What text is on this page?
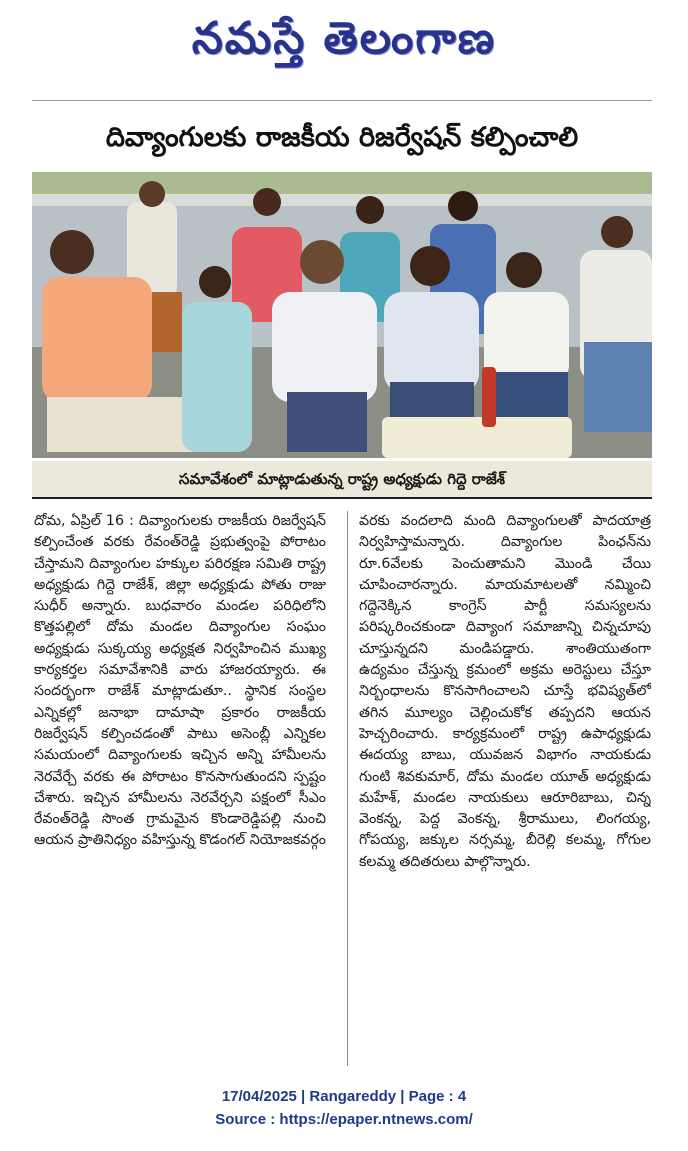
నమస్తే తెలంగాణ
దివ్యాంగులకు రాజకీయ రిజర్వేషన్ కల్పించాలి
సమావేశంలో మాట్లాడుతున్న రాష్ట్ర అధ్యక్షుడు గిద్దె రాజేశ్
దోమ, ఏప్రిల్ 16 : దివ్యాంగులకు రాజకీయ రిజర్వేషన్ కల్పించేంత వరకు రేవంత్‌రెడ్డి ప్రభుత్వంపై పోరాటం చేస్తామని దివ్యాంగుల హక్కుల పరిరక్షణ సమితి రాష్ట్ర అధ్యక్షుడు గిద్దె రాజేశ్, జిల్లా అధ్యక్షుడు పోతు రాజు సుధీర్ అన్నారు. బుధవారం మండల పరిధిలోని కొత్తపల్లిలో దోమ మండల దివ్యాంగుల సంఘం అధ్యక్షుడు సుక్కయ్య అధ్యక్షత నిర్వహించిన ముఖ్య కార్యకర్తల సమావేశానికి వారు హాజరయ్యారు. ఈ సందర్భంగా రాజేశ్ మాట్లాడుతూ.. స్థానిక సంస్థల ఎన్నికల్లో జనాభా దామాషా ప్రకారం రాజకీయ రిజర్వేషన్ కల్పించడంతో పాటు అసెంబ్లీ ఎన్నికల సమయంలో దివ్యాంగులకు ఇచ్చిన అన్ని హామీలను నెరవేర్చే వరకు ఈ పోరాటం కొనసాగుతుందని స్పష్టం చేశారు. ఇచ్చిన హామీలను నెరవేర్చని పక్షంలో సీఎం రేవంత్‌రెడ్డి సొంత గ్రామమైన కొండారెడ్డిపల్లి నుంచి ఆయన ప్రాతినిధ్యం వహిస్తున్న కొడంగల్ నియోజకవర్గం
వరకు వందలాది మంది దివ్యాంగులతో పాదయాత్ర నిర్వహిస్తామన్నారు. దివ్యాంగుల పింఛన్‌ను రూ.6వేలకు పెంచుతామని మొండి చేయి చూపించారన్నారు. మాయమాటలతో నమ్మించి గద్దెనెక్కిన కాంగ్రెస్ పార్టీ సమస్యలను పరిష్కరించకుండా దివ్యాంగ సమాజాన్ని చిన్నచూపు చూస్తున్నదని మండిపడ్డారు. శాంతియుతంగా ఉద్యమం చేస్తున్న క్రమంలో అక్రమ అరెస్టులు చేస్తూ నిర్బంధాలను కొనసాగించాలని చూస్తే భవిష్యత్‌లో తగిన మూల్యం చెల్లించుకోక తప్పదని ఆయన హెచ్చరించారు. కార్యక్రమంలో రాష్ట్ర ఉపాధ్యక్షుడు ఈదయ్య బాబు, యువజన విభాగం నాయకుడు గుంటి శివకుమార్, దోమ మండల యూత్ అధ్యక్షుడు మహేశ్, మండల నాయకులు ఆరూరిబాబు, చిన్న వెంకన్న, పెద్ద వెంకన్న, శ్రీరాములు, లింగయ్య, గోపయ్య, జక్కుల నర్సమ్మ, బీరెల్లి కలమ్మ, గోగుల కలమ్మ తదితరులు పాల్గొన్నారు.
17/04/2025 | Rangareddy | Page : 4
Source : https://epaper.ntnews.com/
